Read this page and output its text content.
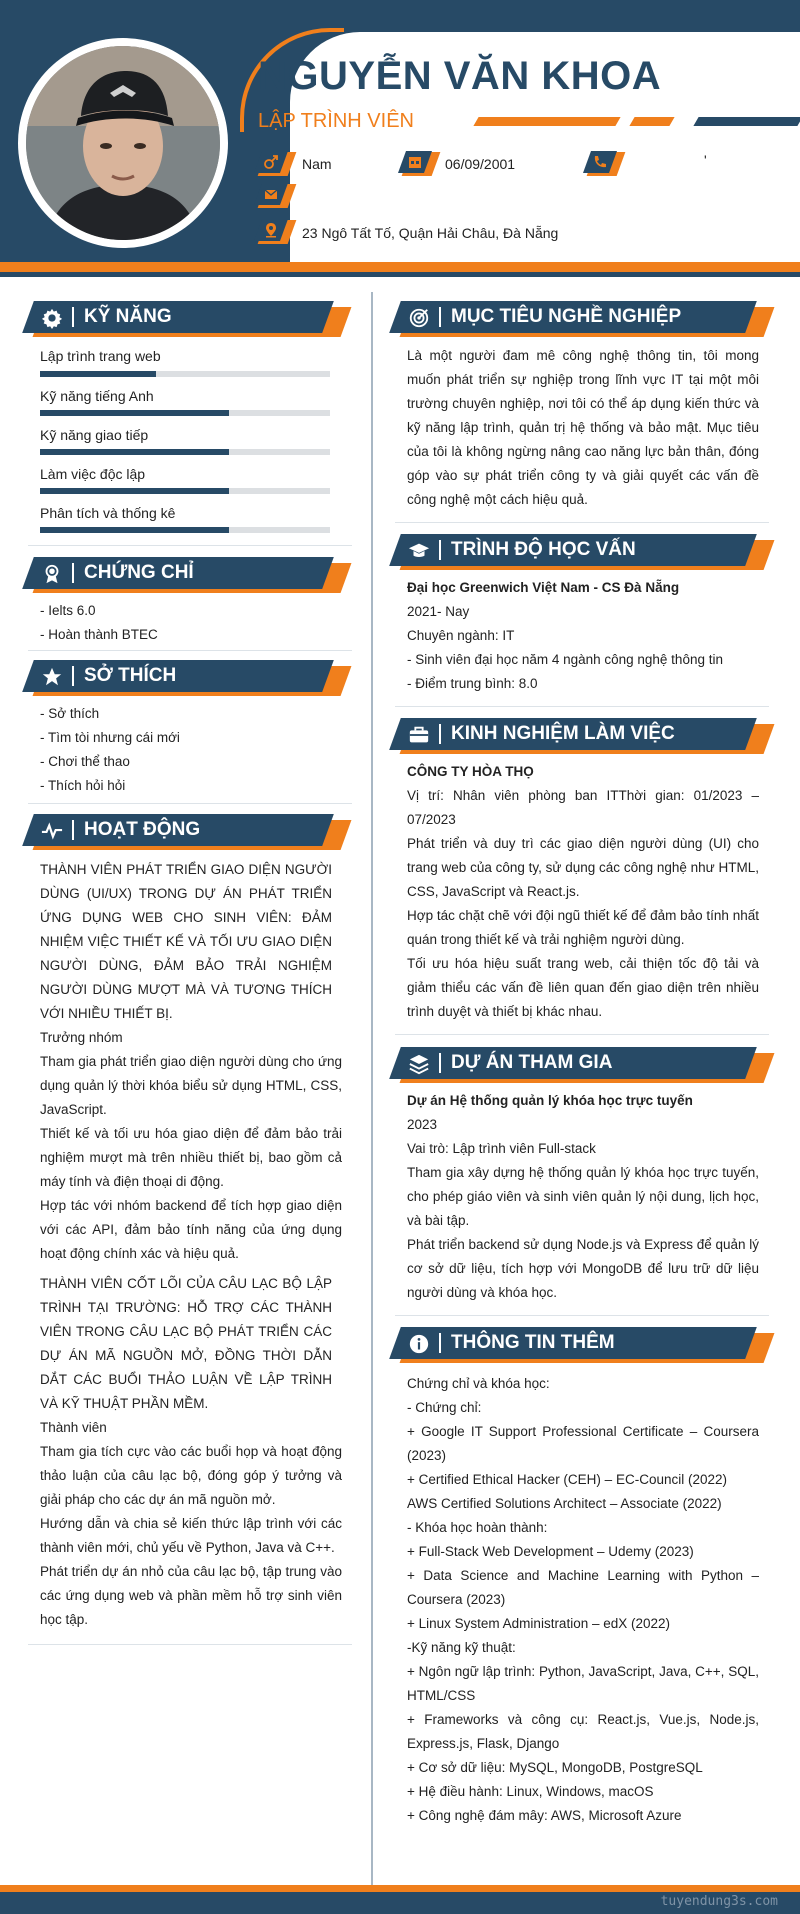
NGUYỄN VĂN KHOA
LẬP TRÌNH VIÊN
Nam	06/09/2001	'
23 Ngô Tất Tố, Quận Hải Châu, Đà Nẵng
KỸ NĂNG
Lập trình trang web
Kỹ năng tiếng Anh
Kỹ năng giao tiếp
Làm việc độc lập
Phân tích và thống kê
CHỨNG CHỈ
- Ielts 6.0
- Hoàn thành BTEC
SỞ THÍCH
- Sở thích
- Tìm tòi nhưng cái mới
- Chơi thể thao
- Thích hỏi hỏi
HOẠT ĐỘNG
THÀNH VIÊN PHÁT TRIỂN GIAO DIỆN NGƯỜI DÙNG (UI/UX) TRONG DỰ ÁN PHÁT TRIỂN ỨNG DỤNG WEB CHO SINH VIÊN: ĐẢM NHIỆM VIỆC THIẾT KẾ VÀ TỐI ƯU GIAO DIỆN NGƯỜI DÙNG, ĐẢM BẢO TRẢI NGHIỆM NGƯỜI DÙNG MƯỢT MÀ VÀ TƯƠNG THÍCH VỚI NHIỀU THIẾT BỊ.
Trưởng nhóm
Tham gia phát triển giao diện người dùng cho ứng dụng quản lý thời khóa biểu sử dụng HTML, CSS, JavaScript.
Thiết kế và tối ưu hóa giao diện để đảm bảo trải nghiệm mượt mà trên nhiều thiết bị, bao gồm cả máy tính và điện thoại di động.
Hợp tác với nhóm backend để tích hợp giao diện với các API, đảm bảo tính năng của ứng dụng hoạt động chính xác và hiệu quả.
THÀNH VIÊN CỐT LÕI CỦA CÂU LẠC BỘ LẬP TRÌNH TẠI TRƯỜNG: HỖ TRỢ CÁC THÀNH VIÊN TRONG CÂU LẠC BỘ PHÁT TRIỂN CÁC DỰ ÁN MÃ NGUỒN MỞ, ĐỒNG THỜI DẪN DẮT CÁC BUỔI THẢO LUẬN VỀ LẬP TRÌNH VÀ KỸ THUẬT PHẦN MỀM.
Thành viên
Tham gia tích cực vào các buổi họp và hoạt động thảo luận của câu lạc bộ, đóng góp ý tưởng và giải pháp cho các dự án mã nguồn mở.
Hướng dẫn và chia sẻ kiến thức lập trình với các thành viên mới, chủ yếu về Python, Java và C++.
Phát triển dự án nhỏ của câu lạc bộ, tập trung vào các ứng dụng web và phần mềm hỗ trợ sinh viên học tập.
MỤC TIÊU NGHỀ NGHIỆP
Là một người đam mê công nghệ thông tin, tôi mong muốn phát triển sự nghiệp trong lĩnh vực IT tại một môi trường chuyên nghiệp, nơi tôi có thể áp dụng kiến thức và kỹ năng lập trình, quản trị hệ thống và bảo mật. Mục tiêu của tôi là không ngừng nâng cao năng lực bản thân, đóng góp vào sự phát triển công ty và giải quyết các vấn đề công nghệ một cách hiệu quả.
TRÌNH ĐỘ HỌC VẤN
Đại học Greenwich Việt Nam - CS Đà Nẵng
2021- Nay
Chuyên ngành: IT
- Sinh viên đại học năm 4 ngành công nghệ thông tin
- Điểm trung bình: 8.0
KINH NGHIỆM LÀM VIỆC
CÔNG TY HÒA THỌ
Vị trí: Nhân viên phòng ban ITThời gian: 01/2023 – 07/2023
Phát triển và duy trì các giao diện người dùng (UI) cho trang web của công ty, sử dụng các công nghệ như HTML, CSS, JavaScript và React.js.
Hợp tác chặt chẽ với đội ngũ thiết kế để đảm bảo tính nhất quán trong thiết kế và trải nghiệm người dùng.
Tối ưu hóa hiệu suất trang web, cải thiện tốc độ tải và giảm thiểu các vấn đề liên quan đến giao diện trên nhiều trình duyệt và thiết bị khác nhau.
DỰ ÁN THAM GIA
Dự án Hệ thống quản lý khóa học trực tuyến
2023
Vai trò: Lập trình viên Full-stack
Tham gia xây dựng hệ thống quản lý khóa học trực tuyến, cho phép giáo viên và sinh viên quản lý nội dung, lịch học, và bài tập.
Phát triển backend sử dụng Node.js và Express để quản lý cơ sở dữ liệu, tích hợp với MongoDB để lưu trữ dữ liệu người dùng và khóa học.
THÔNG TIN THÊM
Chứng chỉ và khóa học:
- Chứng chỉ:
+ Google IT Support Professional Certificate – Coursera (2023)
+ Certified Ethical Hacker (CEH) – EC-Council (2022)
AWS Certified Solutions Architect – Associate (2022)
- Khóa học hoàn thành:
+ Full-Stack Web Development – Udemy (2023)
+ Data Science and Machine Learning with Python – Coursera (2023)
+ Linux System Administration – edX (2022)
-Kỹ năng kỹ thuật:
+ Ngôn ngữ lập trình: Python, JavaScript, Java, C++, SQL, HTML/CSS
+ Frameworks và công cụ: React.js, Vue.js, Node.js, Express.js, Flask, Django
+ Cơ sở dữ liệu: MySQL, MongoDB, PostgreSQL
+ Hệ điều hành: Linux, Windows, macOS
+ Công nghệ đám mây: AWS, Microsoft Azure
tuyendung3s.com
